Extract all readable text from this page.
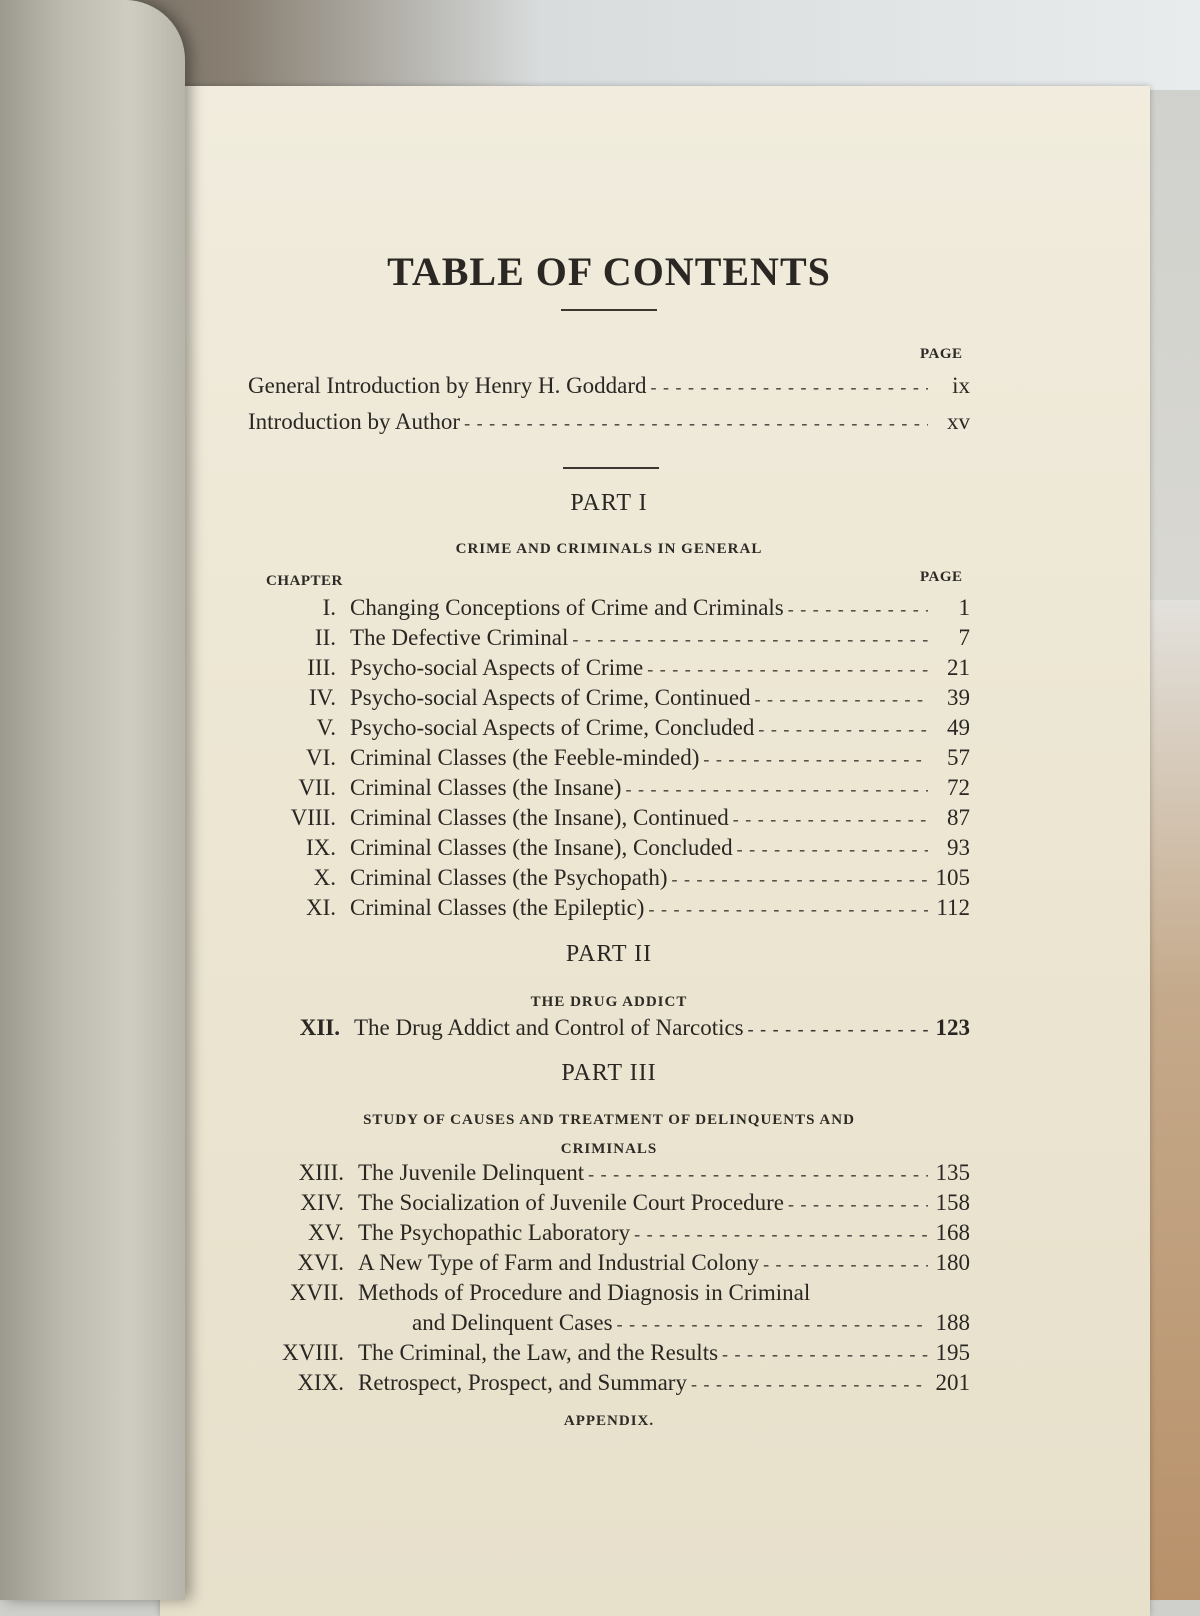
TABLE OF CONTENTS
PAGE
General Introduction by Henry H. Goddard - - -	ix
Introduction by Author - - -	xv
PART I
CRIME AND CRIMINALS IN GENERAL
CHAPTER	PAGE
I. Changing Conceptions of Crime and Criminals - - -	1
II. The Defective Criminal - - -	7
III. Psycho-social Aspects of Crime - - -	21
IV. Psycho-social Aspects of Crime, Continued - - -	39
V. Psycho-social Aspects of Crime, Concluded - - -	49
VI. Criminal Classes (the Feeble-minded) - - -	57
VII. Criminal Classes (the Insane) - - -	72
VIII. Criminal Classes (the Insane), Continued - - -	87
IX. Criminal Classes (the Insane), Concluded - - -	93
X. Criminal Classes (the Psychopath) - - -	105
XI. Criminal Classes (the Epileptic) - - -	112
PART II
THE DRUG ADDICT
XII. The Drug Addict and Control of Narcotics - - -	123
PART III
STUDY OF CAUSES AND TREATMENT OF DELINQUENTS AND
CRIMINALS
XIII. The Juvenile Delinquent - - -	135
XIV. The Socialization of Juvenile Court Procedure - - -	158
XV. The Psychopathic Laboratory - - -	168
XVI. A New Type of Farm and Industrial Colony - - -	180
XVII. Methods of Procedure and Diagnosis in Criminal
and Delinquent Cases - - -	188
XVIII. The Criminal, the Law, and the Results - - -	195
XIX. Retrospect, Prospect, and Summary - - -	201
APPENDIX.
